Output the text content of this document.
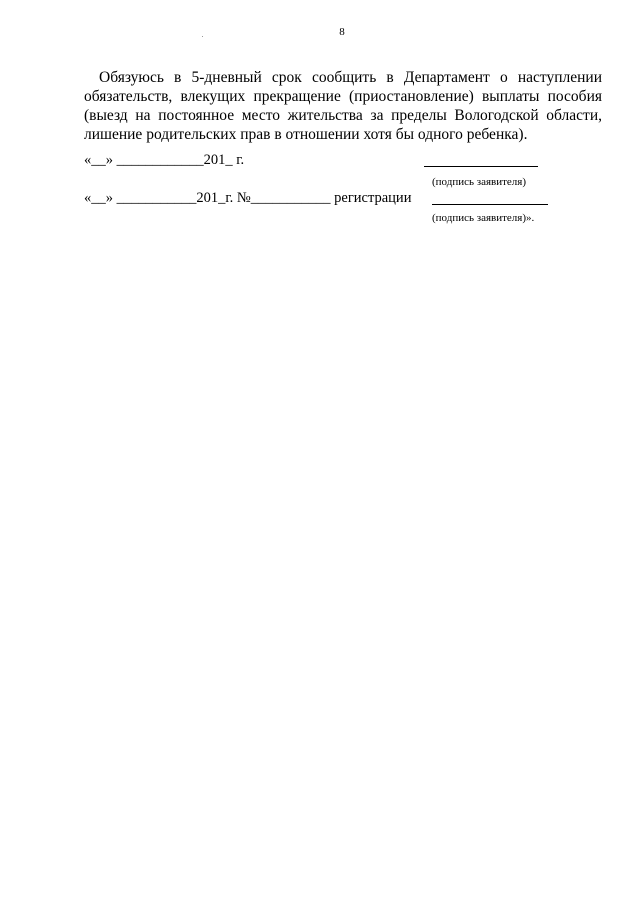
8
Обязуюсь в 5-дневный срок сообщить в Департамент о наступлении обязательств, влекущих прекращение (приостановление) выплаты пособия (выезд на постоянное место жительства за пределы Вологодской области, лишение родительских прав в отношении хотя бы одного ребенка).
«__» ____________201_ г.
(подпись заявителя)
«__» ___________201_г. №___________ регистрации
(подпись заявителя)».
